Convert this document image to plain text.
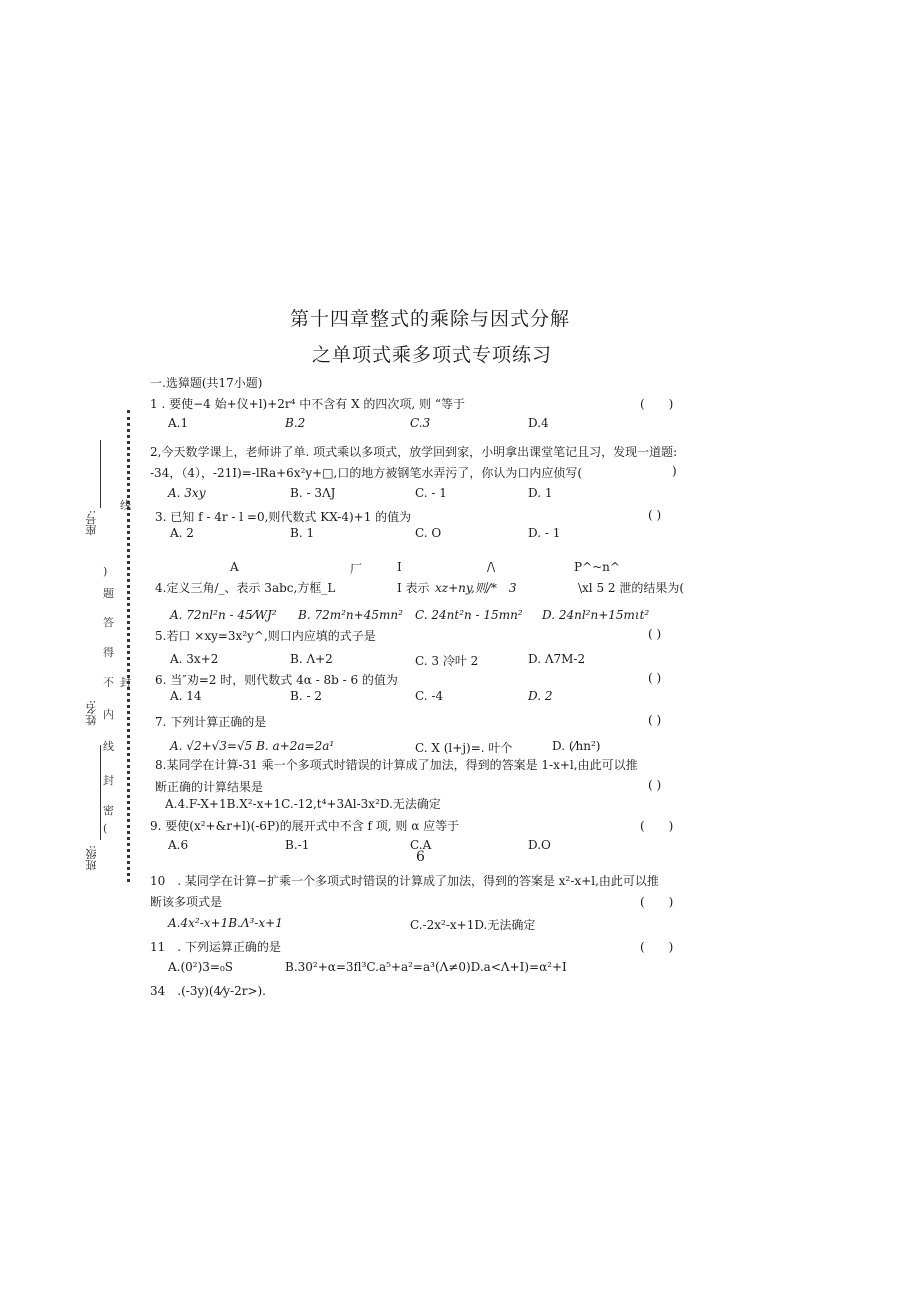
第十四章整式的乘除与因式分解
之单项式乘多项式专项练习
一.选獐题(共17小题)
座号:
姓名:
班级:
线
封
)
题
答
得
不
内
线
封
密
(
1 . 要使−4 始+仪+l)+2r⁴ 中不含有 X 的四次项, 则 “等于	(　　)
A.1	B.2	C.3	D.4
2,今天数学课上，老师讲了单. 项式乘以多项式，放学回到家，小明拿出课堂笔记且习，发现一道题:
-34，（4），-21I)=-lRa+6x²y+□,口的地方被钢笔水弄污了，你认为口内应侦写(	)
A. 3xy	B. - 3ΛJ	C. - 1	D. 1
3. 已知 f - 4r - l =0,则代数式 KX-4)+1 的值为	( )
A. 2	B. 1	C. O	D. - 1
A	厂	I	/\	P^~n^
4.定义三角/_、表示 3abc,方框_L	I 表示 xz+ny,则/*　3	\xl 5 2 泄的结果为(
A. 72nl²n - 45⁄WJ² B. 72m²n+45mn² C. 24nt²n - 15mn² D. 24nl²n+15mιt²
5.若口 ×xy=3x²y^,则口内应填的式子是	( )
A. 3x+2	B. Λ+2	C. 3 冷叶 2	D. Λ7M-2
6. 当″劝=2 时，则代数式 4α - 8b - 6 的值为	( )
A. 14	B. - 2	C. -4	D. 2
7. 下列计算正确的是	( )
A. √2+√3=√5 B. a+2a=2a¹	C. X (l+j)=. 叶个	D. (⁄hn²)
8.某同学在计算-31 乘一个多项式时错误的计算成了加法，得到的答案是 1-x+l,由此可以推
断正确的计算结果是	( )
A.4.F-X+1B.X²-x+1C.-12,t⁴+3Al-3x²D.无法确定
9. 要使(x²+&r+l)(-6P)的展开式中不含 f 项, 则 α 应等于	(　　)
A.6	B.-1	C.A	D.O
6
10　. 某同学在计算−扩乘一个多项式时错误的计算成了加法，得到的答案是 x²-x+l,由此可以推
断该多项式是	(　　)
A.4x²-x+1B.Λ³-x+1	C.-2x²-x+1D.无法确定
11　. 下列运算正确的是	(　　)
A.(0²)3=₀S	B.30²+α=3fl³C.a⁵+a²=a³(Λ≠0)D.a<Λ+I)=α²+I
34　.(-3y)(4⁄y-2r>).
